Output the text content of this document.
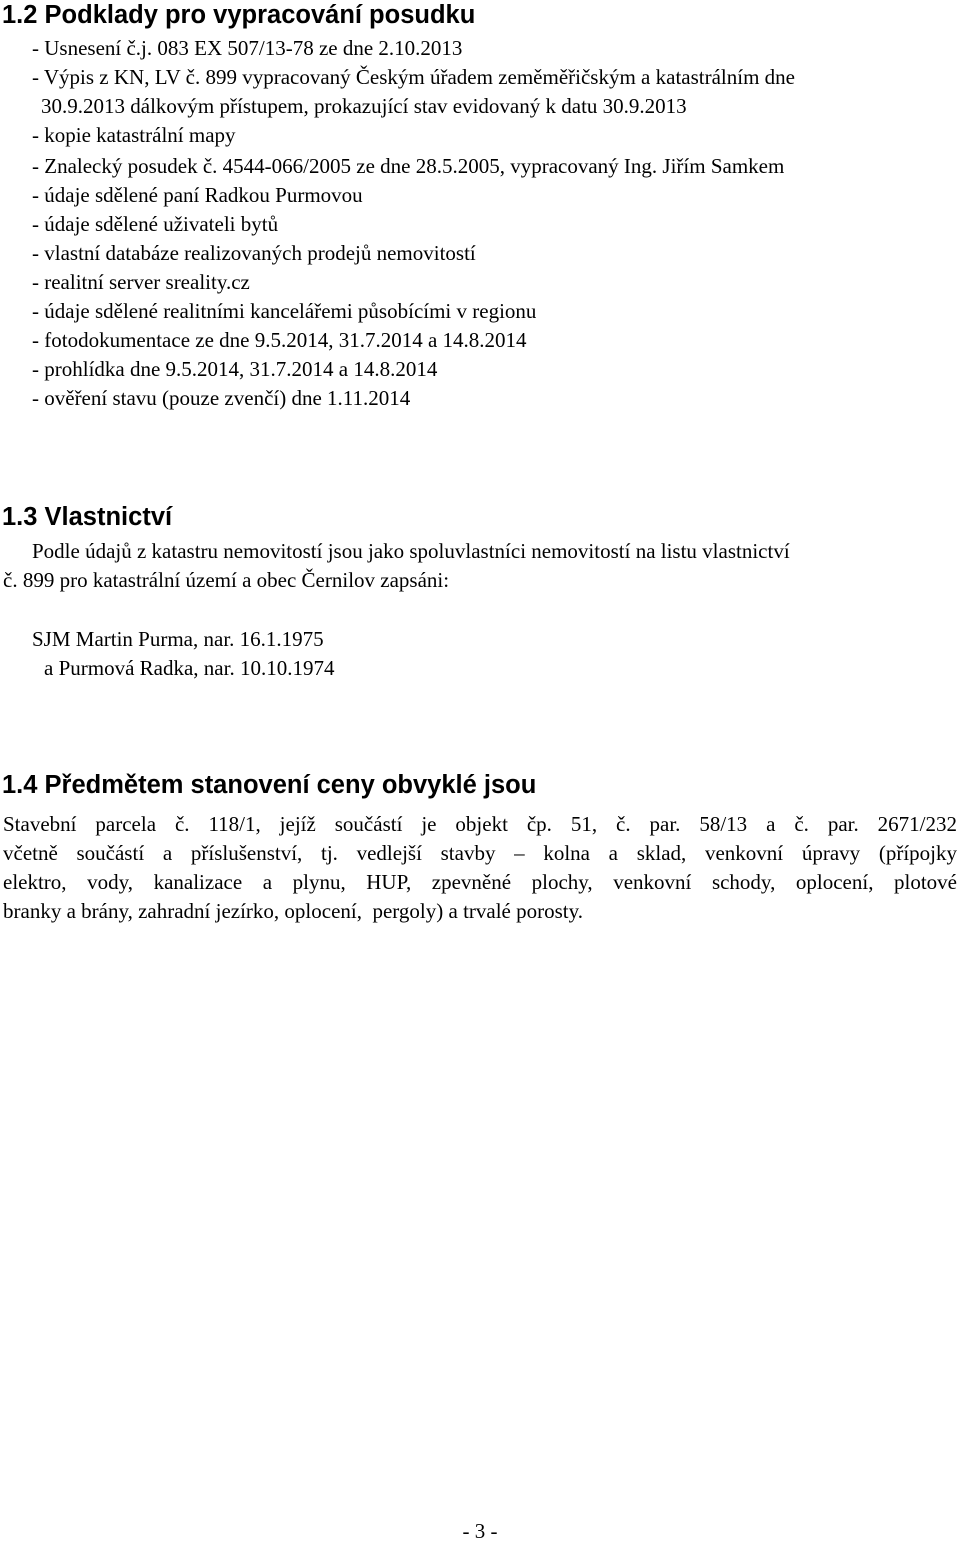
1.2 Podklady pro vypracování posudku
- Usnesení č.j. 083 EX 507/13-78 ze dne 2.10.2013
- Výpis z KN, LV č. 899 vypracovaný Českým úřadem zeměměřičským a katastrálním dne
30.9.2013 dálkovým přístupem, prokazující stav evidovaný k datu 30.9.2013
- kopie katastrální mapy
- Znalecký posudek č. 4544-066/2005 ze dne 28.5.2005, vypracovaný Ing. Jiřím Samkem
- údaje sdělené paní Radkou Purmovou
- údaje sdělené uživateli bytů
- vlastní databáze realizovaných prodejů nemovitostí
- realitní server sreality.cz
- údaje sdělené realitními kancelářemi působícími v regionu
- fotodokumentace ze dne 9.5.2014, 31.7.2014 a 14.8.2014
- prohlídka dne 9.5.2014, 31.7.2014 a 14.8.2014
- ověření stavu (pouze zvenčí) dne 1.11.2014
1.3 Vlastnictví
Podle údajů z katastru nemovitostí jsou jako spoluvlastníci nemovitostí na listu vlastnictví
č. 899 pro katastrální území a obec Černilov zapsáni:
SJM Martin Purma, nar. 16.1.1975
a Purmová Radka, nar. 10.10.1974
1.4 Předmětem stanovení ceny obvyklé jsou
Stavební parcela č. 118/1, jejíž součástí je objekt čp. 51, č. par. 58/13 a č. par. 2671/232
včetně součástí a příslušenství, tj. vedlejší stavby – kolna a sklad, venkovní úpravy (přípojky
elektro, vody, kanalizace a plynu, HUP, zpevněné plochy, venkovní schody, oplocení, plotové
branky a brány, zahradní jezírko, oplocení,  pergoly) a trvalé porosty.
- 3 -
